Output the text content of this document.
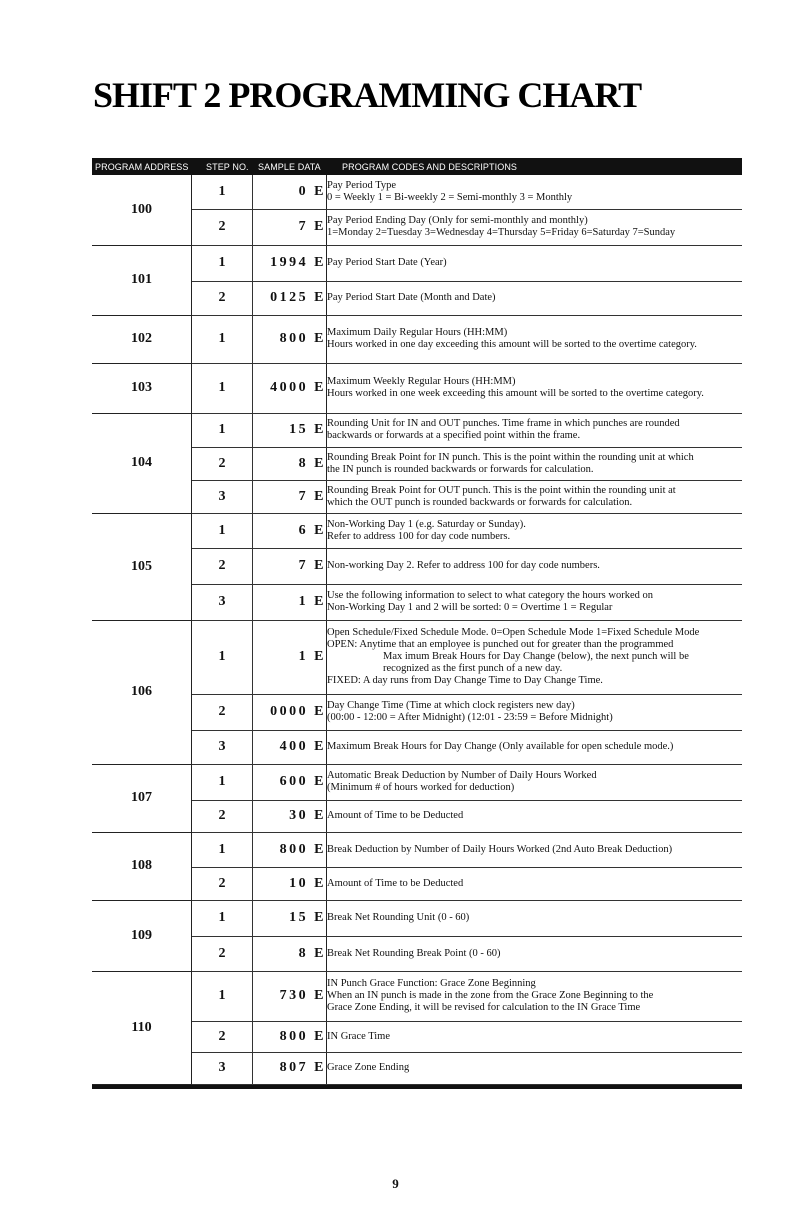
SHIFT 2 PROGRAMMING CHART
PROGRAM ADDRESS STEP NO. SAMPLE DATA PROGRAM CODES AND DESCRIPTIONS
100	1	0 E	Pay Period Type
0 = Weekly 1 = Bi-weekly 2 = Semi-monthly 3 = Monthly

	2	7 E	Pay Period Ending Day (Only for semi-monthly and monthly)
1=Monday 2=Tuesday 3=Wednesday 4=Thursday 5=Friday 6=Saturday 7=Sunday

101	1	1994 E	Pay Period Start Date (Year)

	2	0125 E	Pay Period Start Date (Month and Date)

102	1	800 E	Maximum Daily Regular Hours (HH:MM)
Hours worked in one day exceeding this amount will be sorted to the overtime category.

103	1	4000 E	Maximum Weekly Regular Hours (HH:MM)
Hours worked in one week exceeding this amount will be sorted to the overtime category.

104	1	15 E	Rounding Unit for IN and OUT punches. Time frame in which punches are rounded
backwards or forwards at a specified point within the frame.

	2	8 E	Rounding Break Point for IN punch. This is the point within the rounding unit at which
the IN punch is rounded backwards or forwards for calculation.

	3	7 E	Rounding Break Point for OUT punch. This is the point within the rounding unit at
which the OUT punch is rounded backwards or forwards for calculation.

105	1	6 E	Non-Working Day 1 (e.g. Saturday or Sunday).
Refer to address 100 for day code numbers.

	2	7 E	Non-working Day 2. Refer to address 100 for day code numbers.

	3	1 E	Use the following information to select to what category the hours worked on
Non-Working Day 1 and 2 will be sorted: 0 = Overtime 1 = Regular

106	1	1 E	Open Schedule/Fixed Schedule Mode. 0=Open Schedule Mode 1=Fixed Schedule Mode
OPEN: Anytime that an employee is punched out for greater than the programmed
Max imum Break Hours for Day Change (below), the next punch will be
recognized as the first punch of a new day.
FIXED: A day runs from Day Change Time to Day Change Time.

	2	0000 E	Day Change Time (Time at which clock registers new day)
(00:00 - 12:00 = After Midnight) (12:01 - 23:59 = Before Midnight)

	3	400 E	Maximum Break Hours for Day Change (Only available for open schedule mode.)

107	1	600 E	Automatic Break Deduction by Number of Daily Hours Worked
(Minimum # of hours worked for deduction)

	2	30 E	Amount of Time to be Deducted

108	1	800 E	Break Deduction by Number of Daily Hours Worked (2nd Auto Break Deduction)

	2	10 E	Amount of Time to be Deducted

109	1	15 E	Break Net Rounding Unit (0 - 60)

	2	8 E	Break Net Rounding Break Point (0 - 60)

110	1	730 E	IN Punch Grace Function: Grace Zone Beginning
When an IN punch is made in the zone from the Grace Zone Beginning to the
Grace Zone Ending, it will be revised for calculation to the IN Grace Time

	2	800 E	IN Grace Time

	3	807 E	Grace Zone Ending
9
